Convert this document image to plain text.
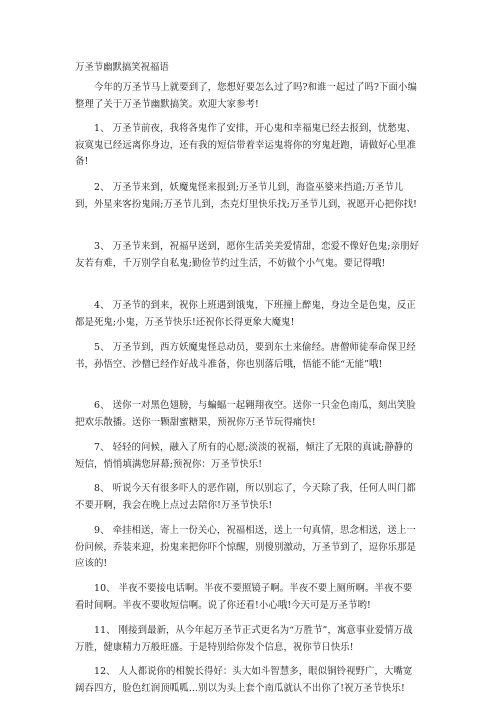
万圣节幽默搞笑祝福语

今年的万圣节马上就要到了，您想好要怎么过了吗?和谁一起过了吗?下面小编整理了关于万圣节幽默搞笑。欢迎大家参考!

1、 万圣节前夜，我将各鬼作了安排，开心鬼和幸福鬼已经去报到，忧愁鬼、寂寞鬼已经远离你身边，还有我的短信带着幸运鬼将你的穷鬼赶跑，请做好心里准备!

2、 万圣节来到，妖魔鬼怪来报到;万圣节儿到，海盗巫婆来挡道;万圣节儿到，外星来客扮鬼闹;万圣节儿到，杰克灯里快乐找;万圣节儿到，祝愿开心把你找!

3、 万圣节来到，祝福早送到，愿你生活美美爱情甜，恋爱不像好色鬼;亲朋好友若有难，千万别学自私鬼;勤俭节约过生活，不妨做个小气鬼。要记得哦!

4、 万圣节的到来，祝你上班遇到饿鬼，下班撞上醉鬼，身边全是色鬼，反正都是死鬼;小鬼，万圣节快乐!还祝你长得更象大魔鬼!

5、 万圣节到，西方妖魔鬼怪总动员，要到东土来偷经。唐僧师徒奉命保卫经书，孙悟空、沙僧已经作好战斗准备，你也别落后哦，悟能不能“无能”哦!

6、 送你一对黑色翅膀，与蝙蝠一起翱翔夜空。送你一只金色南瓜，刻出笑脸把欢乐散播。送你一颗甜蜜糖果，预祝你万圣节玩得痛快!

7、 轻轻的问候，融入了所有的心愿;淡淡的祝福，倾注了无限的真诚;静静的短信，悄悄填满您屏幕;预祝你：万圣节快乐!

8、 听说今天有很多吓人的恶作剧，所以别忘了，今天除了我，任何人叫门都不要开啊，我会在晚上点过去陪你!万圣节快乐!

9、 牵挂相送，寄上一份关心，祝福相送，送上一句真情，思念相送，送上一份问候，乔装来迎，扮鬼来把你吓个惊醒，别傻别激动，万圣节到了，逗你乐那是应该的!

10、 半夜不要接电话啊。半夜不要照镜子啊。半夜不要上厕所啊。半夜不要看时间啊。半夜不要收短信啊。说了你还看!小心哦!今天可是万圣节哟!

11、 刚接到最新，从今年起万圣节正式更名为“万胜节”，寓意事业爱情万战万胜，健康精力万般旺盛。于是特别给你发个信息，祝你节日快乐!

12、 人人都说你的相貌长得好：头大如斗智慧多，眼似铜铃视野广，大嘴宽阔吞四方，脸色红润顶呱呱…别以为头上套个南瓜就认不出你了!祝万圣节快乐!
